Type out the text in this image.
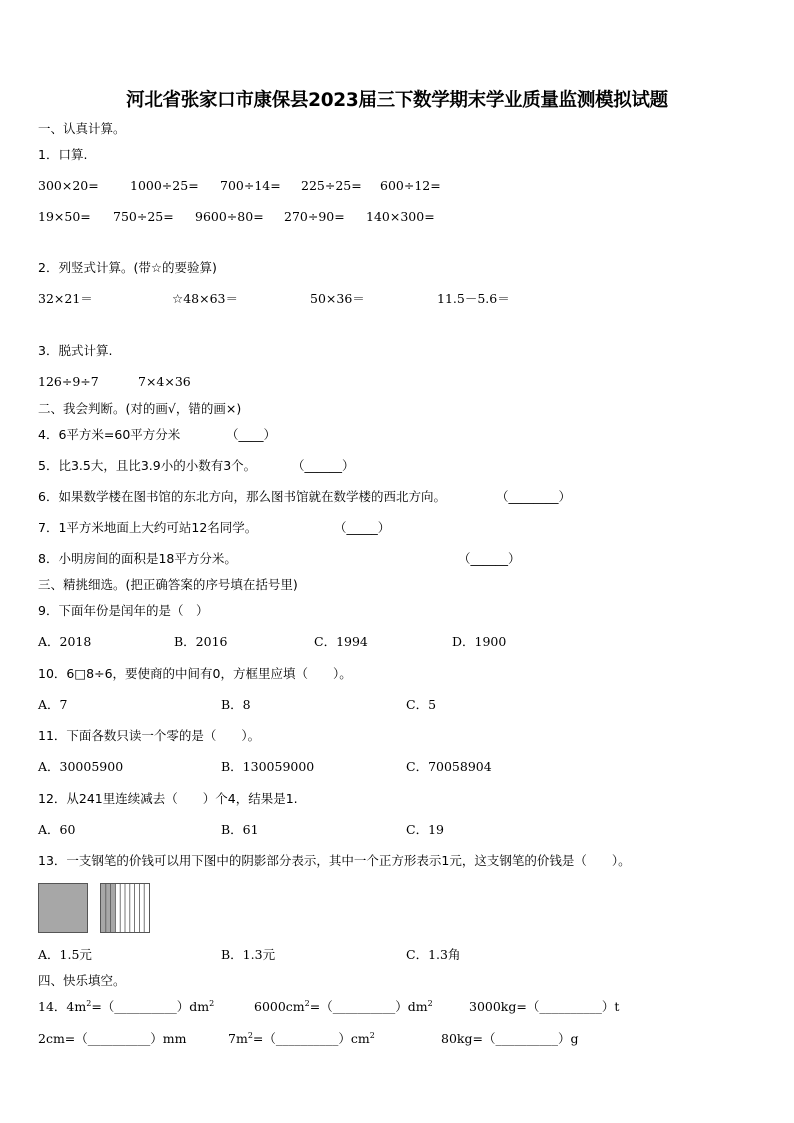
河北省张家口市康保县2023届三下数学期末学业质量监测模拟试题
一、认真计算。
1．口算.
300×20=	1000÷25= 700÷14= 225÷25= 600÷12=
19×50= 750÷25= 9600÷80= 270÷90= 140×300=
2．列竖式计算。(带☆的要验算)
32×21＝	☆48×63＝	50×36＝	11.5－5.6＝
3．脱式计算.
126÷9÷7	7×4×36
二、我会判断。(对的画√，错的画×)
4．6平方米=60平方分米	（____）
5．比3.5大，且比3.9小的小数有3个。	（______）
6．如果数学楼在图书馆的东北方向，那么图书馆就在数学楼的西北方向。	（________）
7．1平方米地面上大约可站12名同学。	（_____）
8．小明房间的面积是18平方分米。	（______）
三、精挑细选。(把正确答案的序号填在括号里)
9．下面年份是闰年的是（　）
A．2018	B．2016	C．1994	D．1900
10．6□8÷6，要使商的中间有0，方框里应填（　　）。
A．7	B．8	C．5
11．下面各数只读一个零的是（　　）。
A．30005900	B．130059000	C．70058904
12．从241里连续减去（　　）个4，结果是1.
A．60	B．61	C．19
13．一支钢笔的价钱可以用下图中的阴影部分表示，其中一个正方形表示1元，这支钢笔的价钱是（　　）。
A．1.5元	B．1.3元	C．1.3角
四、快乐填空。
14．$4m^2=(\_\_\_\_\_\_\_\_\_\_)dm^2$	$6000cm^2=(\_\_\_\_\_\_\_\_\_\_)dm^2$	3000kg=（__________）t
2cm=（__________）mm	$7m^2=(\_\_\_\_\_\_\_\_\_\_)cm^2$	80kg=（__________）g
